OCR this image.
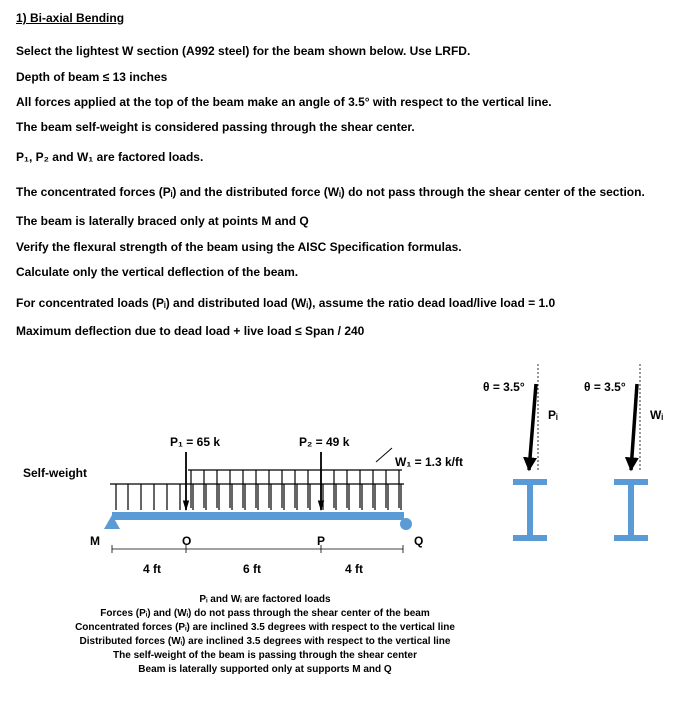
1) Bi-axial Bending
Select the lightest W section (A992 steel) for the beam shown below. Use LRFD.
Depth of beam ≤ 13 inches
All forces applied at the top of the beam make an angle of 3.5° with respect to the vertical line.
The beam self-weight is considered passing through the shear center.
P₁, P₂ and W₁ are factored loads.
The concentrated forces (Pᵢ) and the distributed force (Wᵢ) do not pass through the shear center of the section.
The beam is laterally braced only at points M and Q
Verify the flexural strength of the beam using the AISC Specification formulas.
Calculate only the vertical deflection of the beam.
For concentrated loads (Pᵢ) and distributed load (Wᵢ), assume the ratio dead load/live load = 1.0
Maximum deflection due to dead load + live load ≤ Span / 240
Self-weight
P₁ = 65 k	P₂ = 49 k
W₁ = 1.3 k/ft
M	O	P	Q
4 ft	6 ft	4 ft
θ = 3.5°
Pᵢ
θ = 3.5°
Wᵢ
Pᵢ and Wᵢ are factored loads
Forces (Pᵢ) and (Wᵢ) do not pass through the shear center of the beam
Concentrated forces (Pᵢ) are inclined 3.5 degrees with respect to the vertical line
Distributed forces (Wᵢ) are inclined 3.5 degrees with respect to the vertical line
The self-weight of the beam is passing through the shear center
Beam is laterally supported only at supports M and Q
